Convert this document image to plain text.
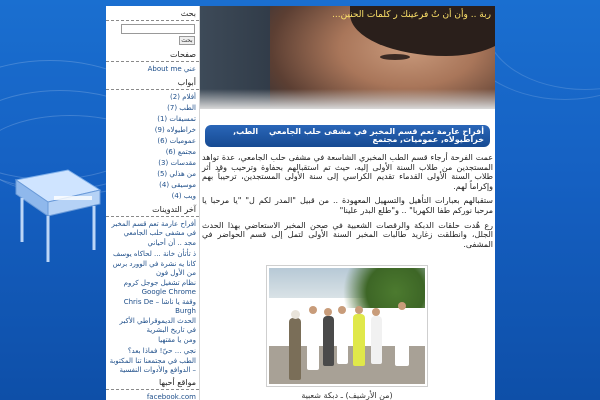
بحث
بحث
صفحات
عني About me
أبواب
أفلام (2)
الطب (7)
تمسيقات (1)
خراطيولاه (9)
عموميات (6)
مجتمع (6)
مقدسات (3)
من هذلي (5)
موسيقى (4)
ويب (4)
آخر التدوينات
أفراح عارمة تعم قسم المخبر في مشفى حلب الجامعي
مجد .. أن أحياني
ذ تأتأن خانة ... لحاكاه يوسف
كانا يه نشرة في الوورد برس من الأول فون
نظام تشغيل جوجل كروم Google Chrome
وقفة يا ناشا – Chris De Burgh
الحدث الديموقراطي الأكبر في تاريخ البشرية
ومن يا مقتهيا
نجي ... حيّ! فماذا بعد؟
الطب في مجتمعنا تنا المكتوبة – الدوافع والأدوات النفسية
مواقع أحبها
facebook.com
ربة .. وأن أن تُ فرعينك ر كلمات الحنين...
أفراح عارمة تعم قسم المخبر في مشفى حلب الجامعي الطب, خراطيولاه, عموميات, مجتمع

عمت الفرحة أرجاء قسم الطب المخبري الشاسعة في مشفى حلب الجامعي، عدة تواهد المستجدين من طلاب السنة الأولى إليه، حيث تم استقبالهم بحفاوة وترحيب وقد أثر طلاب السنة الأولى القدماء تقديم الكراسي إلى سنة الأولى المستجدين، ترحيباً بهم وإكراماً لهم.

ستقبالهم بعبارات التأهيل والتسهيل المعهودة .. من قبيل "المدر لكم ل" "يا مرحبا يا مرحبا نوركم طفا الكهربا" .. و"طلع البدر علينا"

رع هُدت حلقات الدبكة والرقصات الشعبية في صحن المخبر الاستعاضي بهذا الحدث الجلل، وانطلقت زغاريد طالبات المخبر السنة الأولى لتمل إلى قسم الحواضر في المشفى.

(من الأرشيف) ـ دبكة شعبية
